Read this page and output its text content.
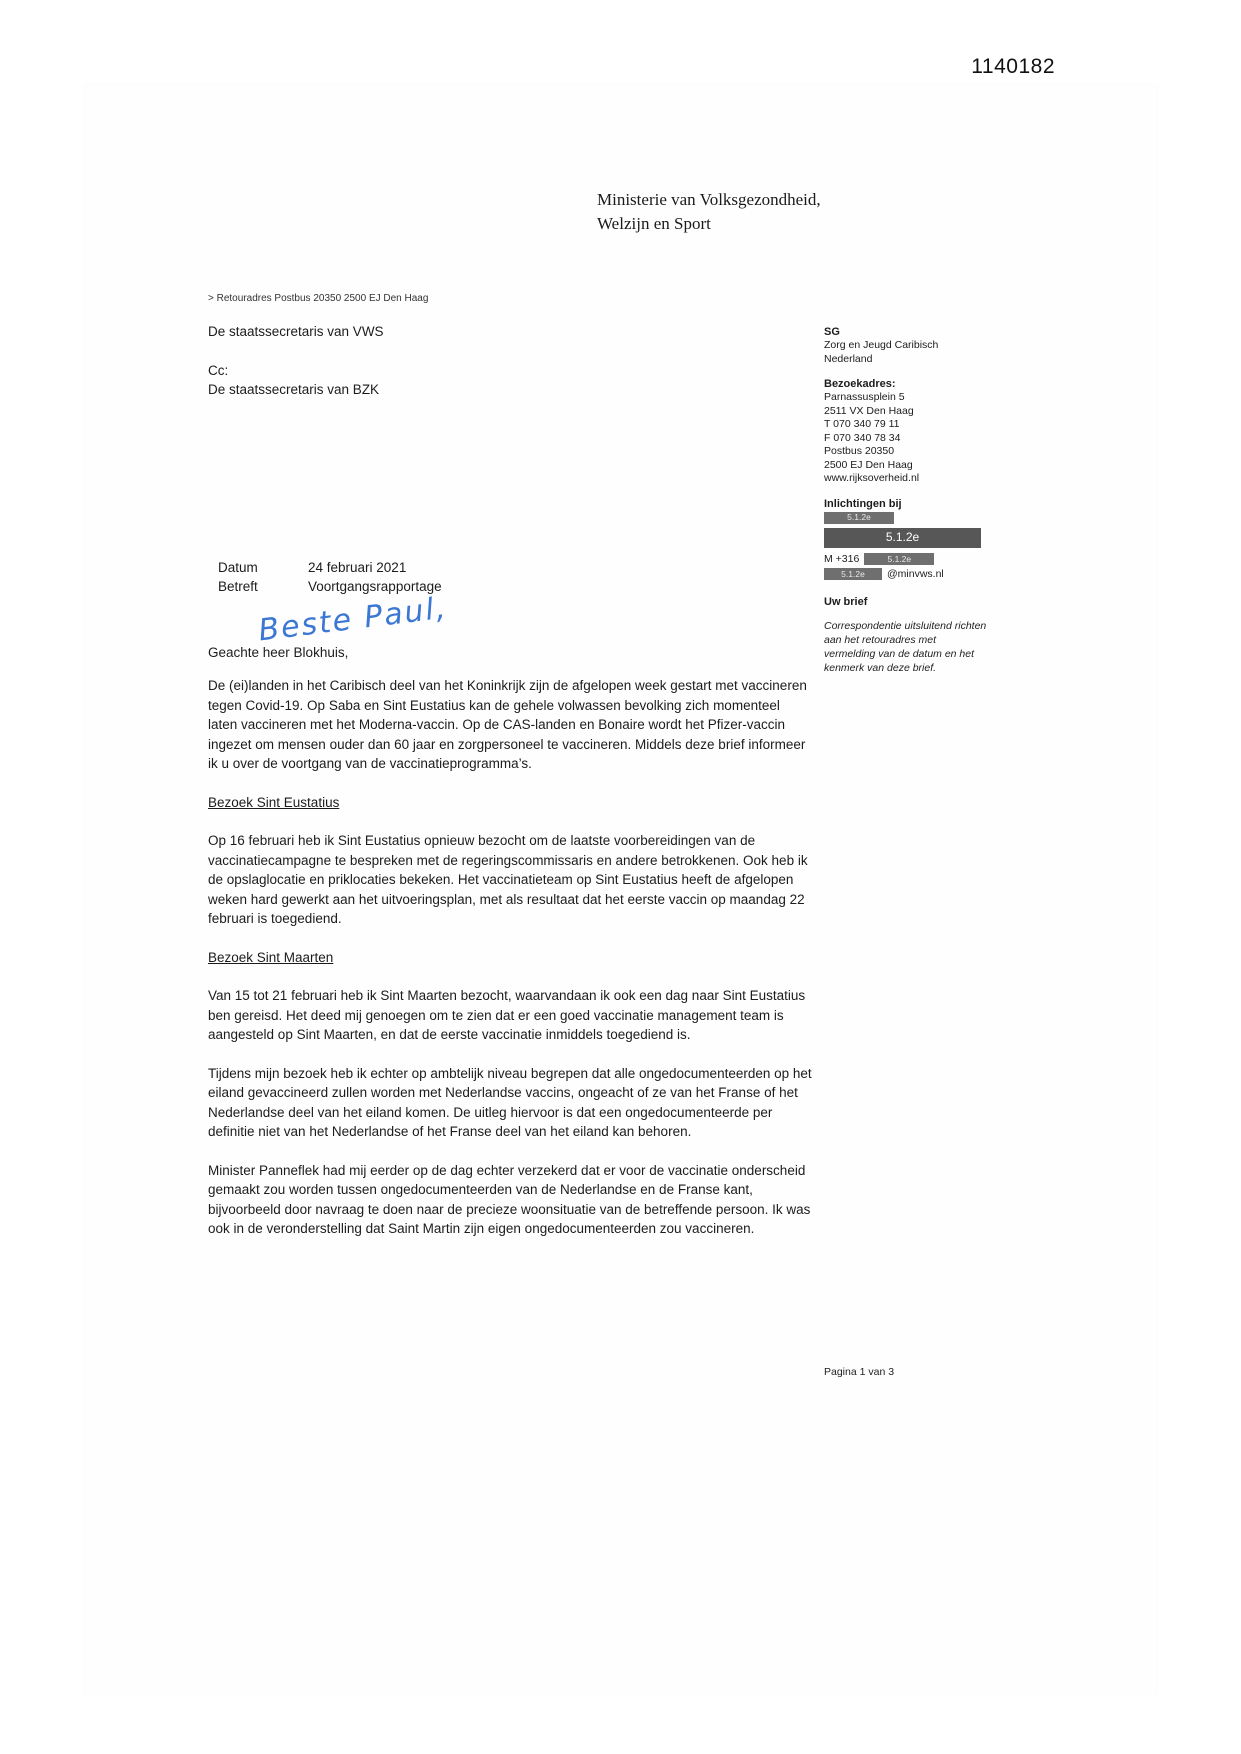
1140182
Ministerie van Volksgezondheid,
Welzijn en Sport
> Retouradres Postbus 20350 2500 EJ Den Haag
De staatssecretaris van VWS
Cc:
De staatssecretaris van BZK
Datum	24 februari 2021
Betreft	Voortgangsrapportage
Beste Paul,
Geachte heer Blokhuis,
De (ei)landen in het Caribisch deel van het Koninkrijk zijn de afgelopen week gestart met vaccineren tegen Covid-19. Op Saba en Sint Eustatius kan de gehele volwassen bevolking zich momenteel laten vaccineren met het Moderna-vaccin. Op de CAS-landen en Bonaire wordt het Pfizer-vaccin ingezet om mensen ouder dan 60 jaar en zorgpersoneel te vaccineren. Middels deze brief informeer ik u over de voortgang van de vaccinatieprogramma’s.
Bezoek Sint Eustatius
Op 16 februari heb ik Sint Eustatius opnieuw bezocht om de laatste voorbereidingen van de vaccinatiecampagne te bespreken met de regeringscommissaris en andere betrokkenen. Ook heb ik de opslaglocatie en priklocaties bekeken. Het vaccinatieteam op Sint Eustatius heeft de afgelopen weken hard gewerkt aan het uitvoeringsplan, met als resultaat dat het eerste vaccin op maandag 22 februari is toegediend.
Bezoek Sint Maarten
Van 15 tot 21 februari heb ik Sint Maarten bezocht, waarvandaan ik ook een dag naar Sint Eustatius ben gereisd. Het deed mij genoegen om te zien dat er een goed vaccinatie management team is aangesteld op Sint Maarten, en dat de eerste vaccinatie inmiddels toegediend is.
Tijdens mijn bezoek heb ik echter op ambtelijk niveau begrepen dat alle ongedocumenteerden op het eiland gevaccineerd zullen worden met Nederlandse vaccins, ongeacht of ze van het Franse of het Nederlandse deel van het eiland komen. De uitleg hiervoor is dat een ongedocumenteerde per definitie niet van het Nederlandse of het Franse deel van het eiland kan behoren.
Minister Panneflek had mij eerder op de dag echter verzekerd dat er voor de vaccinatie onderscheid gemaakt zou worden tussen ongedocumenteerden van de Nederlandse en de Franse kant, bijvoorbeeld door navraag te doen naar de precieze woonsituatie van de betreffende persoon. Ik was ook in de veronderstelling dat Saint Martin zijn eigen ongedocumenteerden zou vaccineren.
SG
Zorg en Jeugd Caribisch
Nederland
Bezoekadres:
Parnassusplein 5
2511 VX Den Haag
T 070 340 79 11
F 070 340 78 34
Postbus 20350
2500 EJ Den Haag
www.rijksoverheid.nl
Inlichtingen bij
5.1.2e
5.1.2e
M +316	5.1.2e
5.1.2e	@minvws.nl
Uw brief
Correspondentie uitsluitend richten aan het retouradres met vermelding van de datum en het kenmerk van deze brief.
Pagina 1 van 3
